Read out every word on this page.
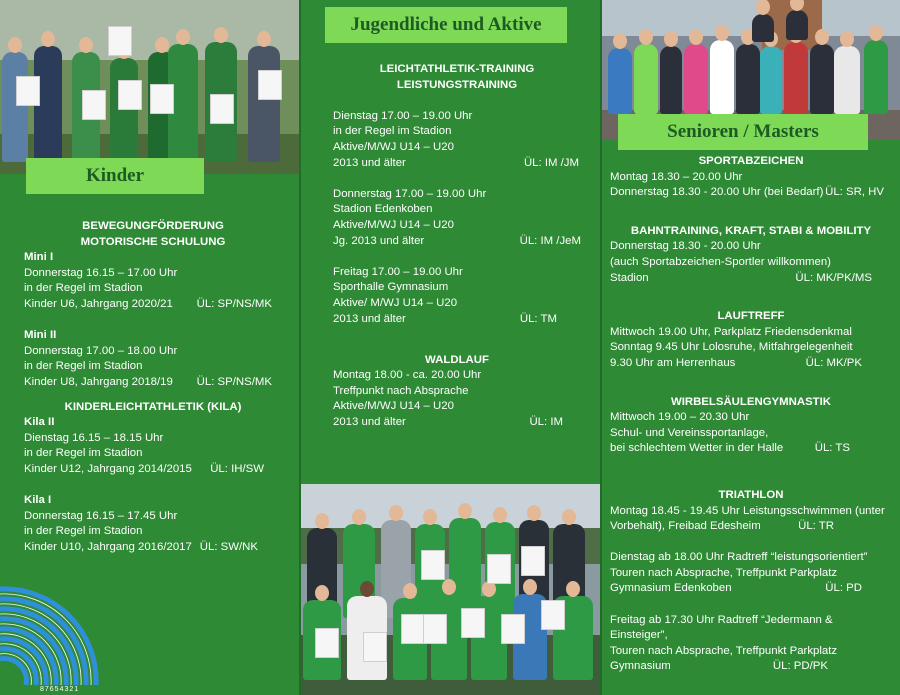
Kinder
BEWEGUNGFÖRDERUNG
MOTORISCHE SCHULUNG
Mini I
Donnerstag 16.15 – 17.00 Uhr
in der Regel im Stadion
Kinder U6, Jahrgang 2020/21 ÜL: SP/NS/MK
Mini II
Donnerstag 17.00 – 18.00 Uhr
in der Regel im Stadion
Kinder U8, Jahrgang 2018/19 ÜL: SP/NS/MK
KINDERLEICHTATHLETIK (KILA)
Kila II
Dienstag 16.15 – 18.15 Uhr
in der Regel im Stadion
Kinder U12, Jahrgang 2014/2015 ÜL: IH/SW
Kila I
Donnerstag 16.15 – 17.45 Uhr
in der Regel im Stadion
Kinder U10, Jahrgang 2016/2017 ÜL: SW/NK
87654321
Jugendliche und Aktive
LEICHTATHLETIK-TRAINING
LEISTUNGSTRAINING
Dienstag 17.00 – 19.00 Uhr
in der Regel im Stadion
Aktive/M/WJ U14 – U20
2013 und älter	ÜL: IM /JM
Donnerstag 17.00 – 19.00 Uhr
Stadion Edenkoben
Aktive/M/WJ U14 – U20
Jg. 2013 und älter	ÜL: IM /JeM
Freitag 17.00 – 19.00 Uhr
Sporthalle Gymnasium
Aktive/ M/WJ U14 – U20
2013 und älter	ÜL: TM
WALDLAUF
Montag 18.00 - ca. 20.00 Uhr
Treffpunkt nach Absprache
Aktive/M/WJ U14 – U20
2013 und älter	ÜL: IM
Senioren / Masters
SPORTABZEICHEN
Montag 18.30 – 20.00 Uhr
Donnerstag 18.30 - 20.00 Uhr (bei Bedarf) ÜL: SR, HV
BAHNTRAINING, KRAFT, STABI & MOBILITY
Donnerstag 18.30 - 20.00 Uhr
(auch Sportabzeichen-Sportler willkommen)
Stadion	ÜL: MK/PK/MS
LAUFTREFF
Mittwoch 19.00 Uhr, Parkplatz Friedensdenkmal
Sonntag 9.45 Uhr Lolosruhe, Mitfahrgelegenheit
9.30 Uhr am Herrenhaus	ÜL: MK/PK
WIRBELSÄULENGYMNASTIK
Mittwoch 19.00 – 20.30 Uhr
Schul- und Vereinssportanlage,
bei schlechtem Wetter in der Halle	ÜL: TS
TRIATHLON
Montag 18.45 - 19.45 Uhr Leistungsschwimmen (unter
Vorbehalt), Freibad Edesheim	ÜL: TR
Dienstag ab 18.00 Uhr Radtreff “leistungsorientiert”
Touren nach Absprache, Treffpunkt Parkplatz
Gymnasium Edenkoben	ÜL: PD
Freitag ab 17.30 Uhr Radtreff “Jedermann & Einsteiger”,
Touren nach Absprache, Treffpunkt Parkplatz
Gymnasium	ÜL: PD/PK
